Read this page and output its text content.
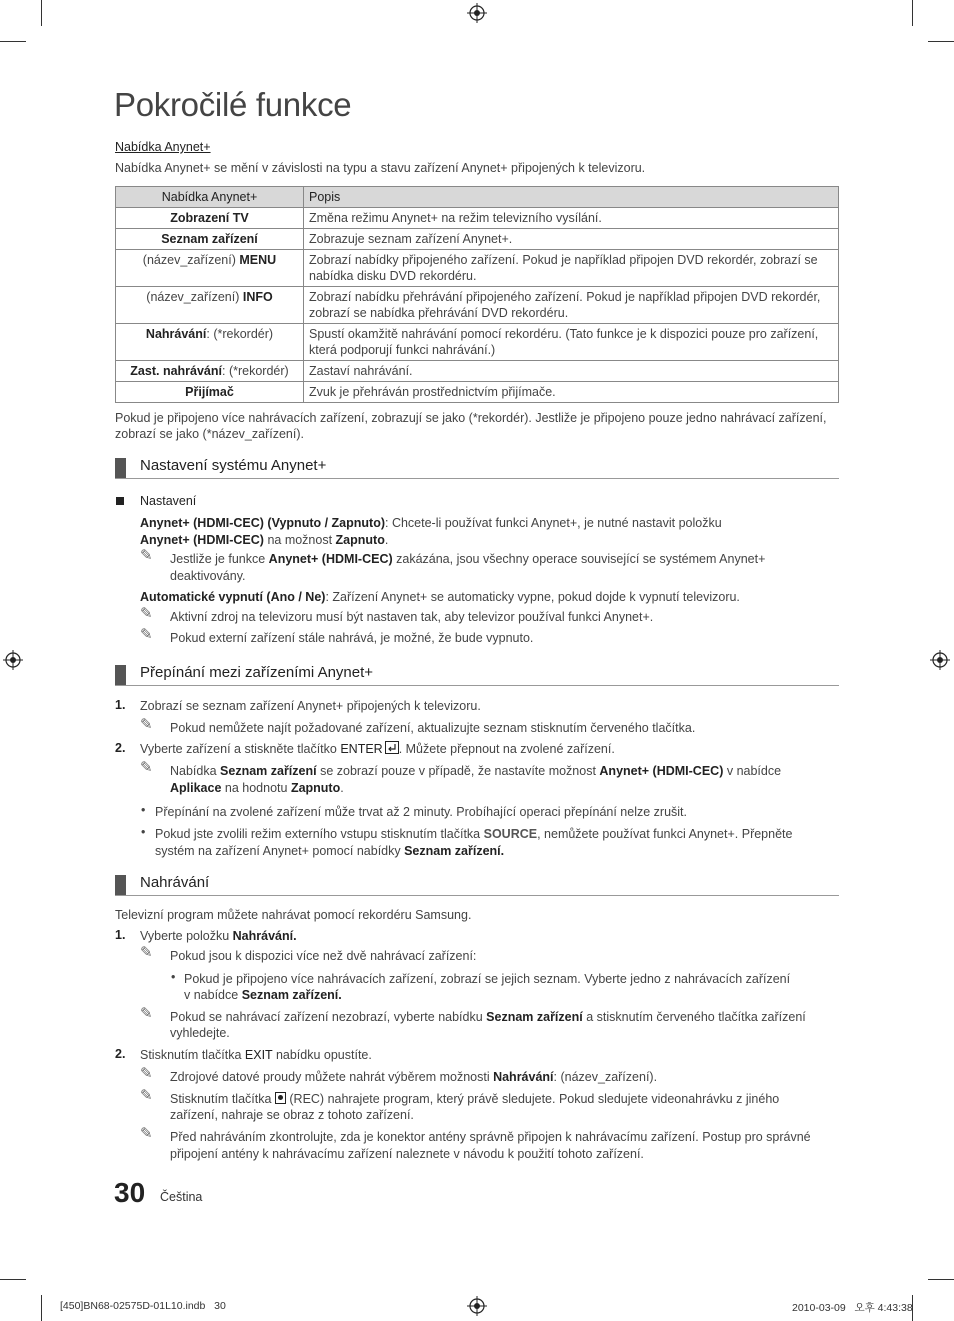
Pokročilé funkce
Nabídka Anynet+
Nabídka Anynet+ se mění v závislosti na typu a stavu zařízení Anynet+ připojených k televizoru.
Nabídka Anynet+	Popis
Zobrazení TV	Změna režimu Anynet+ na režim televizního vysílání.
Seznam zařízení	Zobrazuje seznam zařízení Anynet+.
(název_zařízení) MENU	Zobrazí nabídky připojeného zařízení. Pokud je například připojen DVD rekordér, zobrazí se nabídka disku DVD rekordéru.
(název_zařízení) INFO	Zobrazí nabídku přehrávání připojeného zařízení. Pokud je například připojen DVD rekordér, zobrazí se nabídka přehrávání DVD rekordéru.
Nahrávání: (*rekordér)	Spustí okamžitě nahrávání pomocí rekordéru. (Tato funkce je k dispozici pouze pro zařízení, která podporují funkci nahrávání.)
Zast. nahrávání: (*rekordér)	Zastaví nahrávání.
Přijímač	Zvuk je přehráván prostřednictvím přijímače.
Pokud je připojeno více nahrávacích zařízení, zobrazují se jako (*rekordér). Jestliže je připojeno pouze jedno nahrávací zařízení,
zobrazí se jako (*název_zařízení).
Nastavení systému Anynet+
Nastavení
Anynet+ (HDMI-CEC) (Vypnuto / Zapnuto): Chcete-li používat funkci Anynet+, je nutné nastavit položku
Anynet+ (HDMI-CEC) na možnost Zapnuto.
✎ Jestliže je funkce Anynet+ (HDMI-CEC) zakázána, jsou všechny operace související se systémem Anynet+
deaktivovány.
Automatické vypnutí (Ano / Ne): Zařízení Anynet+ se automaticky vypne, pokud dojde k vypnutí televizoru.
✎ Aktivní zdroj na televizoru musí být nastaven tak, aby televizor používal funkci Anynet+.
✎ Pokud externí zařízení stále nahrává, je možné, že bude vypnuto.
Přepínání mezi zařízeními Anynet+
1. Zobrazí se seznam zařízení Anynet+ připojených k televizoru.
✎ Pokud nemůžete najít požadované zařízení, aktualizujte seznam stisknutím červeného tlačítka.
2. Vyberte zařízení a stiskněte tlačítko ENTER . Můžete přepnout na zvolené zařízení.
✎ Nabídka Seznam zařízení se zobrazí pouze v případě, že nastavíte možnost Anynet+ (HDMI-CEC) v nabídce
Aplikace na hodnotu Zapnuto.
• Přepínání na zvolené zařízení může trvat až 2 minuty. Probíhající operaci přepínání nelze zrušit.
• Pokud jste zvolili režim externího vstupu stisknutím tlačítka SOURCE, nemůžete používat funkci Anynet+. Přepněte
systém na zařízení Anynet+ pomocí nabídky Seznam zařízení.
Nahrávání
Televizní program můžete nahrávat pomocí rekordéru Samsung.
1. Vyberte položku Nahrávání.
✎ Pokud jsou k dispozici více než dvě nahrávací zařízení:
• Pokud je připojeno více nahrávacích zařízení, zobrazí se jejich seznam. Vyberte jedno z nahrávacích zařízení
v nabídce Seznam zařízení.
✎ Pokud se nahrávací zařízení nezobrazí, vyberte nabídku Seznam zařízení a stisknutím červeného tlačítka zařízení
vyhledejte.
2. Stisknutím tlačítka EXIT nabídku opustíte.
✎ Zdrojové datové proudy můžete nahrát výběrem možnosti Nahrávání: (název_zařízení).
✎ Stisknutím tlačítka  (REC) nahrajete program, který právě sledujete. Pokud sledujete videonahrávku z jiného
zařízení, nahraje se obraz z tohoto zařízení.
✎ Před nahráváním zkontrolujte, zda je konektor antény správně připojen k nahrávacímu zařízení. Postup pro správné
připojení antény k nahrávacímu zařízení naleznete v návodu k použití tohoto zařízení.
30 Čeština
[450]BN68-02575D-01L10.indb   30	2010-03-09   오후 4:43:38
